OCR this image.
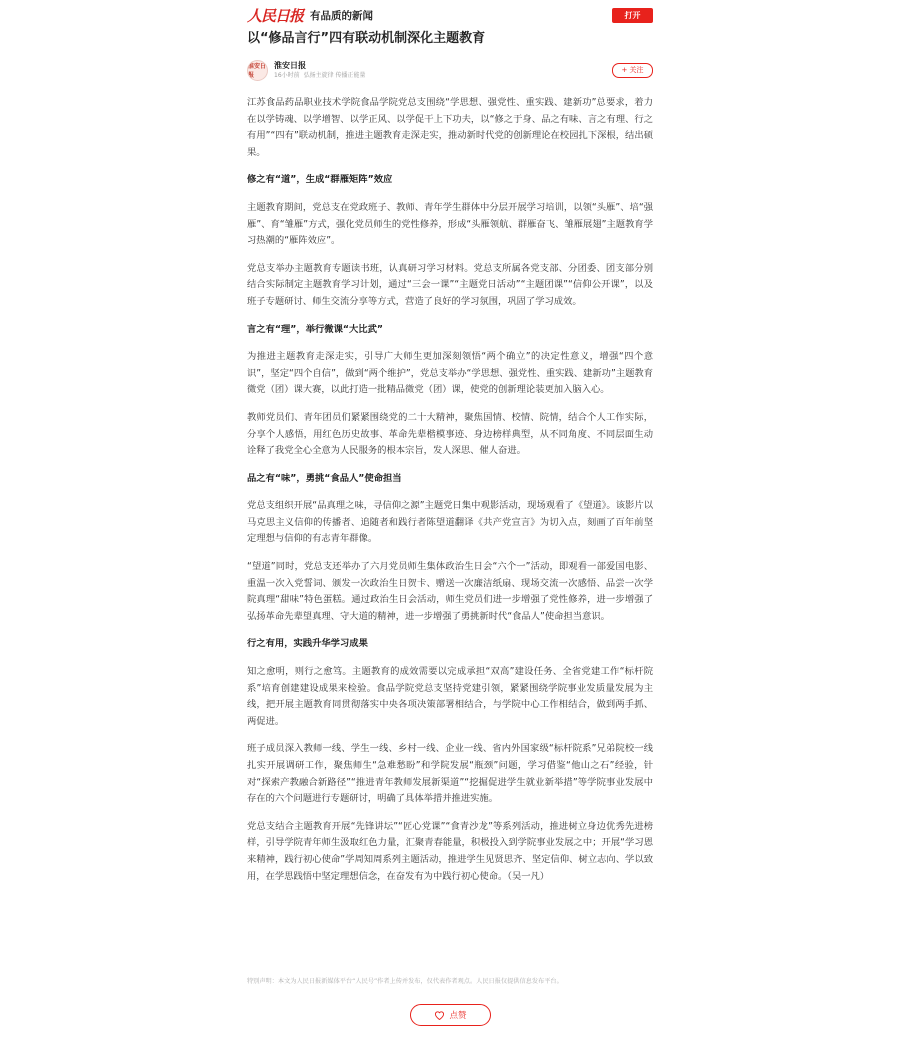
人民日报 有品质的新闻	打开
以“修品言行”四有联动机制深化主题教育
淮安日报
淮安日报
16小时前 弘扬主旋律 传播正能量
+ 关注

江苏食品药品职业技术学院食品学院党总支围绕“学思想、强党性、重实践、建新功”总要求，着力在以学铸魂、以学增智、以学正风、以学促干上下功夫，以“修之于身、品之有味、言之有理、行之有用”“四有”联动机制，推进主题教育走深走实，推动新时代党的创新理论在校园扎下深根，结出硕果。

修之有“道”，生成“群雁矩阵”效应

主题教育期间，党总支在党政班子、教师、青年学生群体中分层开展学习培训，以领“头雁”、培“强雁”、育“雏雁”方式，强化党员师生的党性修养，形成“头雁领航、群雁奋飞、雏雁展翅”主题教育学习热潮的“雁阵效应”。

党总支举办主题教育专题读书班，认真研习学习材料。党总支所属各党支部、分团委、团支部分别结合实际制定主题教育学习计划，通过“三会一课”“主题党日活动”“主题团课”“信仰公开课”，以及班子专题研讨、师生交流分享等方式，营造了良好的学习氛围，巩固了学习成效。

言之有“理”，举行微课“大比武”

为推进主题教育走深走实，引导广大师生更加深刻领悟“两个确立”的决定性意义，增强“四个意识”，坚定“四个自信”，做到“两个维护”，党总支举办“学思想、强党性、重实践、建新功”主题教育微党（团）课大赛，以此打造一批精品微党（团）课，使党的创新理论装更加入脑入心。

教师党员们、青年团员们紧紧围绕党的二十大精神，聚焦国情、校情、院情，结合个人工作实际，分享个人感悟，用红色历史故事、革命先辈楷模事迹、身边榜样典型，从不同角度、不同层面生动诠释了我党全心全意为人民服务的根本宗旨，发人深思、催人奋进。

品之有“味”，勇挑“食品人”使命担当

党总支组织开展“品真理之味，寻信仰之源”主题党日集中观影活动，现场观看了《望道》。该影片以马克思主义信仰的传播者、追随者和践行者陈望道翻译《共产党宣言》为切入点，刻画了百年前坚定理想与信仰的有志青年群像。

“望道”同时，党总支还举办了六月党员师生集体政治生日会“六个一”活动，即观看一部爱国电影、重温一次入党誓词、颁发一次政治生日贺卡、赠送一次廉洁纸扇、现场交流一次感悟、品尝一次学院真理“甜味”特色蛋糕。通过政治生日会活动，师生党员们进一步增强了党性修养，进一步增强了弘扬革命先辈望真理、守大道的精神，进一步增强了勇挑新时代“食品人”使命担当意识。

行之有用，实践升华学习成果

知之愈明，则行之愈笃。主题教育的成效需要以完成承担“双高”建设任务、全省党建工作“标杆院系”培育创建建设成果来检验。食品学院党总支坚持党建引领，紧紧围绕学院事业发质量发展为主线，把开展主题教育同贯彻落实中央各项决策部署相结合，与学院中心工作相结合，做到两手抓、两促进。

班子成员深入教师一线、学生一线、乡村一线、企业一线、省内外国家级“标杆院系”兄弟院校一线扎实开展调研工作，聚焦师生“急难愁盼”和学院发展“瓶颈”问题，学习借鉴“他山之石”经验，针对“探索产教融合新路径”“推进青年教师发展新渠道”“挖掘促进学生就业新举措”等学院事业发展中存在的六个问题进行专题研讨，明确了具体举措并推进实施。

党总支结合主题教育开展“先锋讲坛”“匠心党课”“食青沙龙”等系列活动，推进树立身边优秀先进榜样，引导学院青年师生汲取红色力量，汇聚青春能量，积极投入到学院事业发展之中；开展“学习恩来精神，践行初心使命”学周知周系列主题活动，推进学生见贤思齐、坚定信仰、树立志向、学以致用，在学思践悟中坚定理想信念，在奋发有为中践行初心使命。（吴一凡）

特别声明：本文为人民日报新媒体平台“人民号”作者上传并发布，仅代表作者观点。人民日报仅提供信息发布平台。
点赞
